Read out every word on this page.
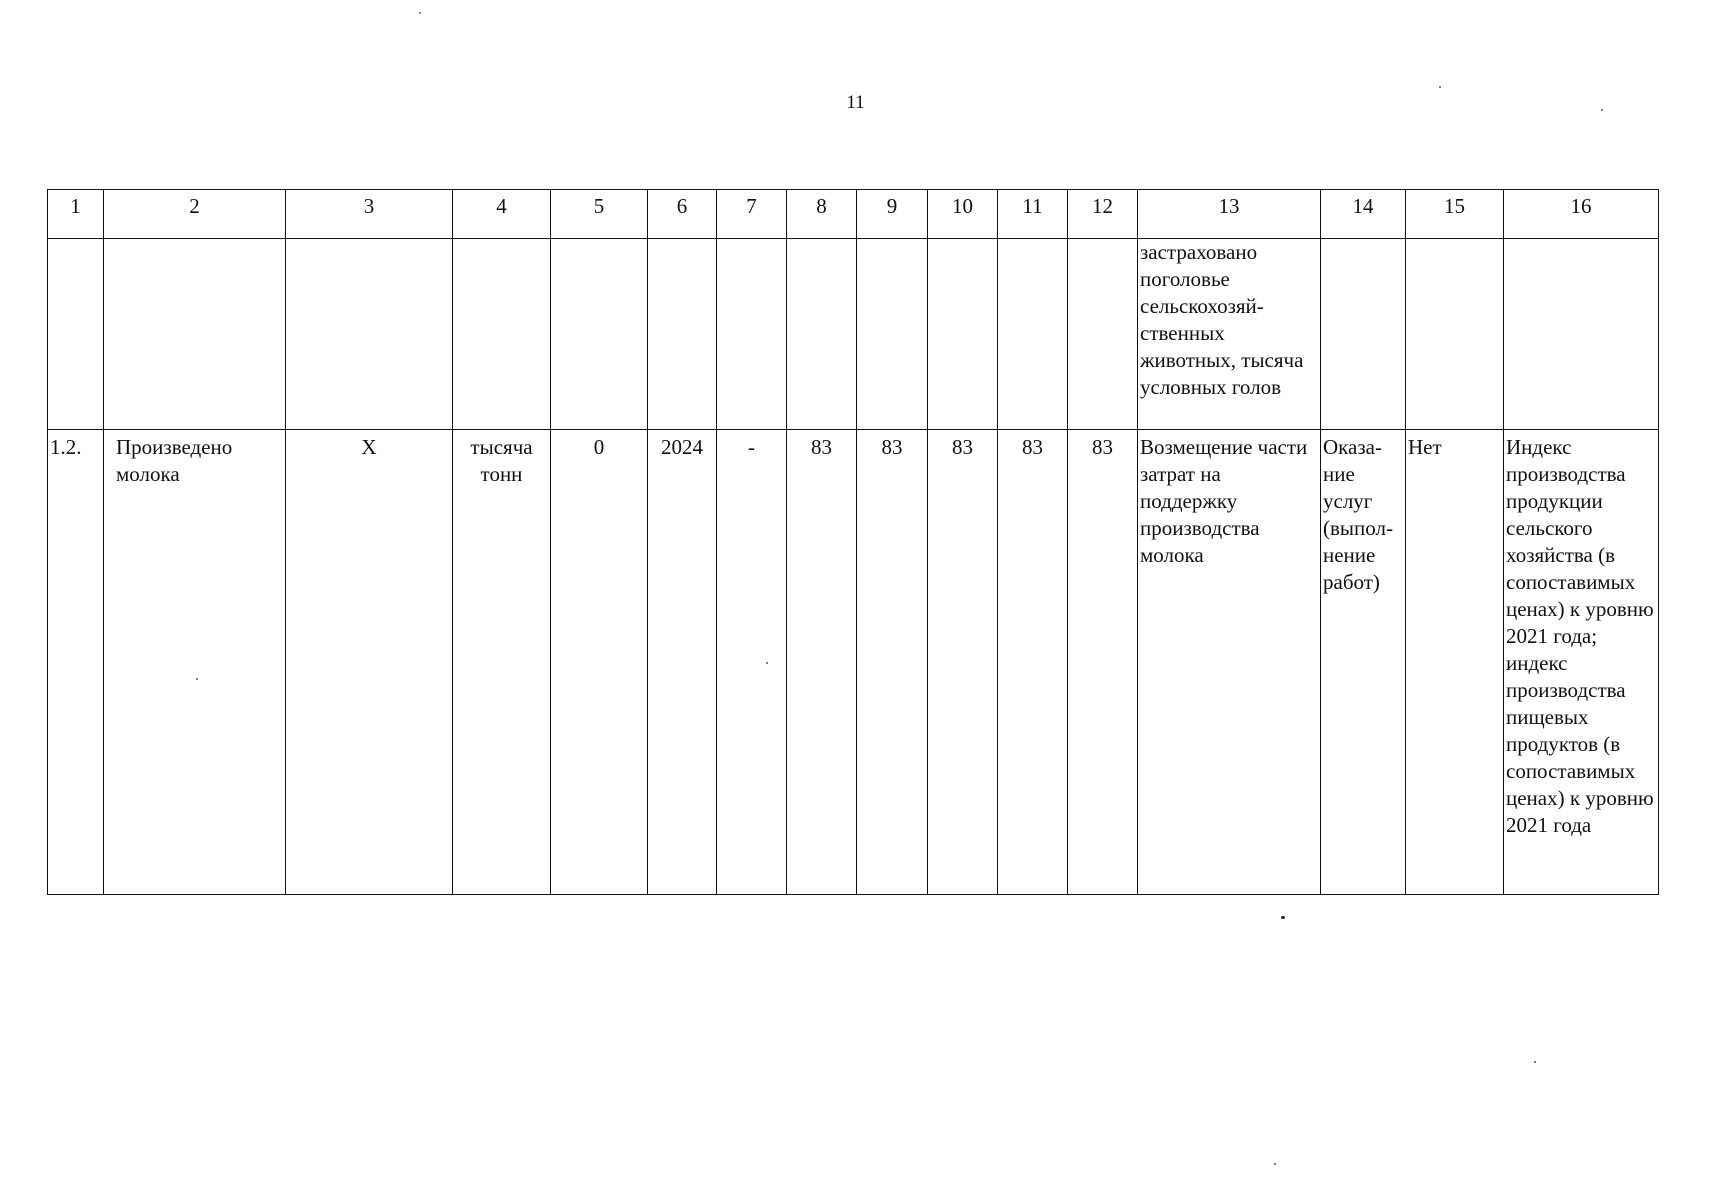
11
1	2	3	4	5	6	7	8	9	10	11	12	13	14	15	16
												застраховано поголовье сельскохозяй-ственных животных, тысяча условных голов			
1.2.	Произведено молока	X	тысяча тонн	0	2024	-	83	83	83	83	83	Возмещение части затрат на поддержку производства молока	Оказа-ние услуг (выпол-нение работ)	Нет	Индекс производства продукции сельского хозяйства (в сопоставимых ценах) к уровню 2021 года; индекс производства пищевых продуктов (в сопоставимых ценах) к уровню 2021 года
